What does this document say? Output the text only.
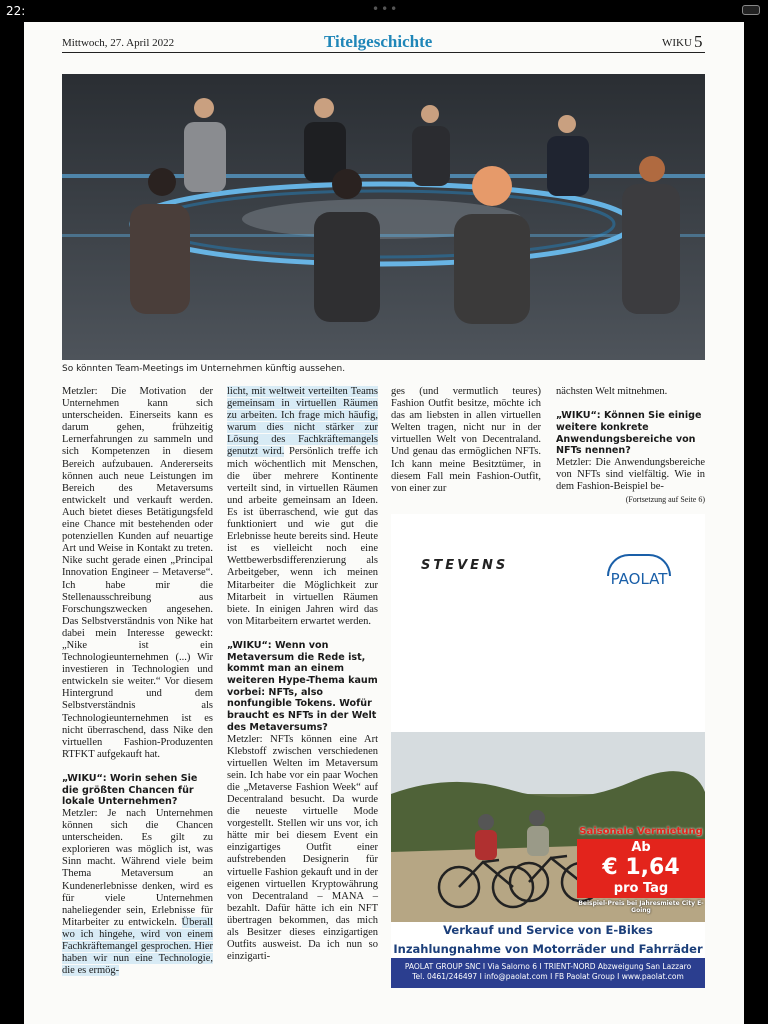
22:	•••
Mittwoch, 27. April 2022	Titelgeschichte	WIKU 5
So könnten Team-Meetings im Unternehmen künftig aussehen.

Metzler: Die Motivation der Unternehmen kann sich unterscheiden. Einerseits kann es darum gehen, frühzeitig Lernerfahrungen zu sammeln und sich Kompetenzen in diesem Bereich aufzubauen. Andererseits können auch neue Leistungen im Bereich des Metaversums entwickelt und verkauft werden. Auch bietet dieses Betätigungsfeld eine Chance mit bestehenden oder potenziellen Kunden auf neuartige Art und Weise in Kontakt zu treten. Nike sucht gerade einen „Principal Innovation Engineer – Metaverse“. Ich habe mir die Stellenausschreibung aus Forschungszwecken angesehen. Das Selbstverständnis von Nike hat dabei mein Interesse geweckt: „Nike ist ein Technologieunternehmen (...) Wir investieren in Technologien und entwickeln sie weiter.“ Vor diesem Hintergrund und dem Selbstverständnis als Technologieunternehmen ist es nicht überraschend, dass Nike den virtuellen Fashion-Produzenten RTFKT aufgekauft hat.

„WIKU“: Worin sehen Sie die größten Chancen für lokale Unternehmen?

Metzler: Je nach Unternehmen können sich die Chancen unterscheiden. Es gilt zu explorieren was möglich ist, was Sinn macht. Während viele beim Thema Metaversum an Kundenerlebnisse denken, wird es für viele Unternehmen naheliegender sein, Erlebnisse für Mitarbeiter zu entwickeln. Überall wo ich hingehe, wird von einem Fachkräftemangel gesprochen. Hier haben wir nun eine Technologie, die es ermög-

licht, mit weltweit verteilten Teams gemeinsam in virtuellen Räumen zu arbeiten. Ich frage mich häufig, warum dies nicht stärker zur Lösung des Fachkräftemangels genutzt wird. Persönlich treffe ich mich wöchentlich mit Menschen, die über mehrere Kontinente verteilt sind, in virtuellen Räumen und arbeite gemeinsam an Ideen. Es ist überraschend, wie gut das funktioniert und wie gut die Erlebnisse heute bereits sind. Heute ist es vielleicht noch eine Wettbewerbsdifferenzierung als Arbeitgeber, wenn ich meinen Mitarbeiter die Möglichkeit zur Mitarbeit in virtuellen Räumen biete. In einigen Jahren wird das von Mitarbeitern erwartet werden.

„WIKU“: Wenn von Metaversum die Rede ist, kommt man an einem weiteren Hype-Thema kaum vorbei: NFTs, also nonfungible Tokens. Wofür braucht es NFTs in der Welt des Metaversums?

Metzler: NFTs können eine Art Klebstoff zwischen verschiedenen virtuellen Welten im Metaversum sein. Ich habe vor ein paar Wochen die „Metaverse Fashion Week“ auf Decentraland besucht. Da wurde die neueste virtuelle Mode vorgestellt. Stellen wir uns vor, ich hätte mir bei diesem Event ein einzigartiges Outfit einer aufstrebenden Designerin für virtuelle Fashion gekauft und in der eigenen virtuellen Kryptowährung von Decentraland – MANA – bezahlt. Dafür hätte ich ein NFT übertragen bekommen, das mich als Besitzer dieses einzigartigen Outfits ausweist. Da ich nun so einzigarti-

ges (und vermutlich teures) Fashion Outfit besitze, möchte ich das am liebsten in allen virtuellen Welten tragen, nicht nur in der virtuellen Welt von Decentraland. Und genau das ermöglichen NFTs. Ich kann meine Besitztümer, in diesem Fall mein Fashion-Outfit, von einer zur

nächsten Welt mitnehmen.

„WIKU“: Können Sie einige weitere konkrete Anwendungsbereiche von NFTs nennen?

Metzler: Die Anwendungsbereiche von NFTs sind vielfältig. Wie in dem Fashion-Beispiel be-

(Fortsetzung auf Seite 6)

STEVENS
PAOLAT
Saisonale Vermietung
Ab
€ 1,64
pro Tag
Beispiel-Preis bei Jahresmiete City E-Going
Verkauf und Service von E-Bikes
Inzahlungnahme von Motorräder und Fahrräder
PAOLAT GROUP SNC I Via Salorno 6 I TRIENT-NORD Abzweigung San Lazzaro
Tel. 0461/246497 I info@paolat.com I FB Paolat Group I www.paolat.com
